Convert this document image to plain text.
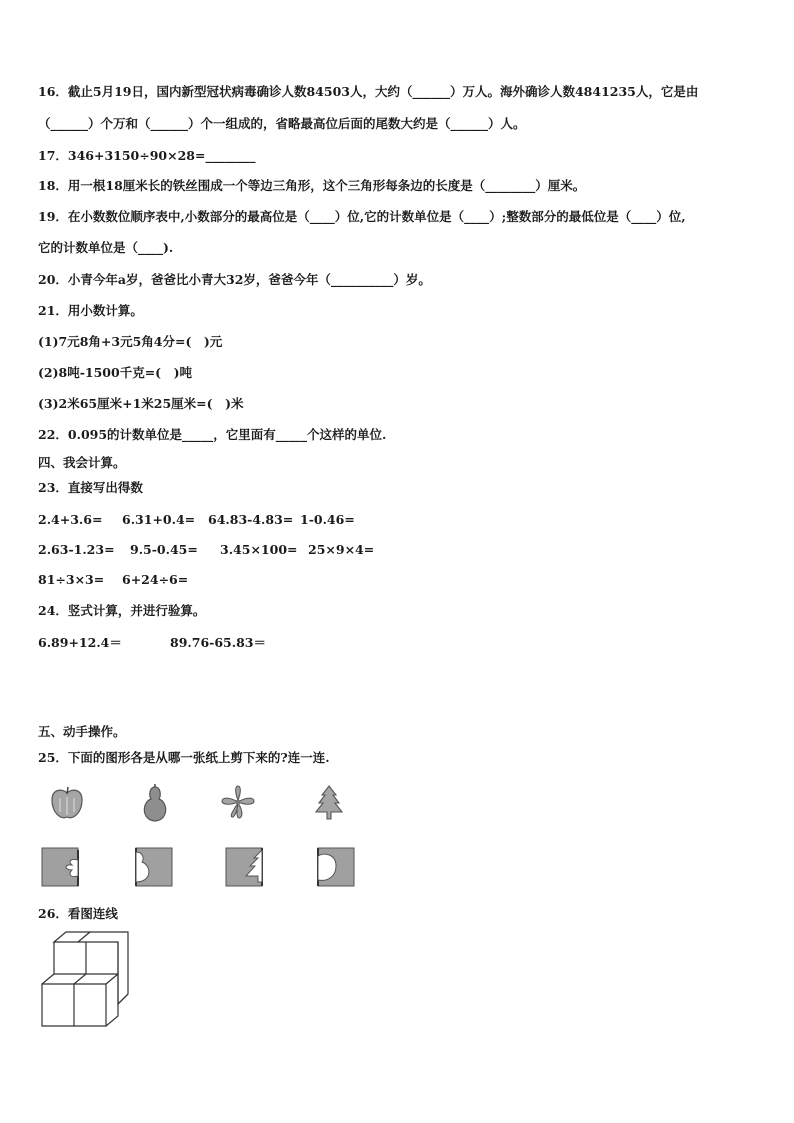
16．截止5月19日，国内新型冠状病毒确诊人数84503人，大约（______）万人。海外确诊人数4841235人，它是由
（______）个万和（______）个一组成的，省略最高位后面的尾数大约是（______）人。
17．346+3150÷90×28=________
18．用一根18厘米长的铁丝围成一个等边三角形，这个三角形每条边的长度是（________）厘米。
19．在小数数位顺序表中,小数部分的最高位是（____）位,它的计数单位是（____）;整数部分的最低位是（____）位,
它的计数单位是（____).
20．小青今年a岁，爸爸比小青大32岁，爸爸今年（__________）岁。
21．用小数计算。
(1)7元8角+3元5角4分=(　)元
(2)8吨-1500千克=(　)吨
(3)2米65厘米+1米25厘米=(　)米
22．0.095的计数单位是_____，它里面有_____个这样的单位.
四、我会计算。
23．直接写出得数
2.4+3.6= 6.31+0.4= 64.83-4.83= 1-0.46=
2.63-1.23= 9.5-0.45= 3.45×100= 25×9×4=
81÷3×3= 6+24÷6=
24．竖式计算，并进行验算。
6.89+12.4＝	89.76-65.83＝
五、动手操作。
25．下面的图形各是从哪一张纸上剪下来的?连一连.
26．看图连线
